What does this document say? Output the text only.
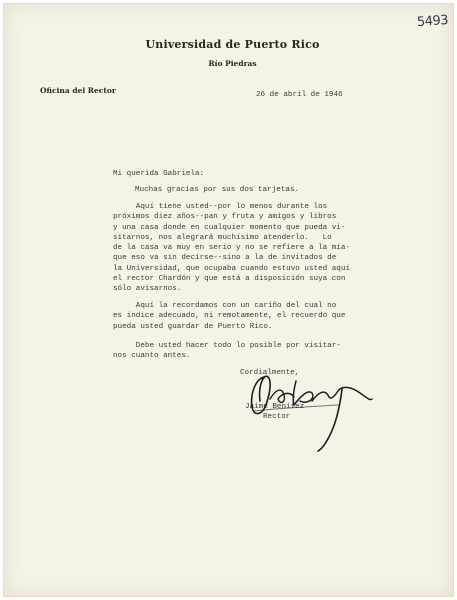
5493
Universidad de Puerto Rico
Río Piedras
Oficina del Rector	26 de abril de 1946
Mi querida Gabriela:

Muchas gracias por sus dos tarjetas.

Aquí tiene usted--por lo menos durante los
próximos diez años--pan y fruta y amigos y libros
y una casa donde en cualquier momento que pueda vi-
sitarnos, nos alegrará muchísimo atenderlo.   Lo
de la casa va muy en serio y no se refiere a la mía-
que eso va sin decirse--sino a la de invitados de
la Universidad, que ocupaba cuando estuvo usted aquí
el rector Chardón y que está a disposición suya con
sólo avisarnos.

Aquí la recordamos con un cariño del cual no
es índice adecuado, ni remotamente, el recuerdo que
pueda usted guardar de Puerto Rico.

Debe usted hacer todo lo posible por visitar-
nos cuanto antes.

Cordialmente,
Jaime Benítez
Rector
